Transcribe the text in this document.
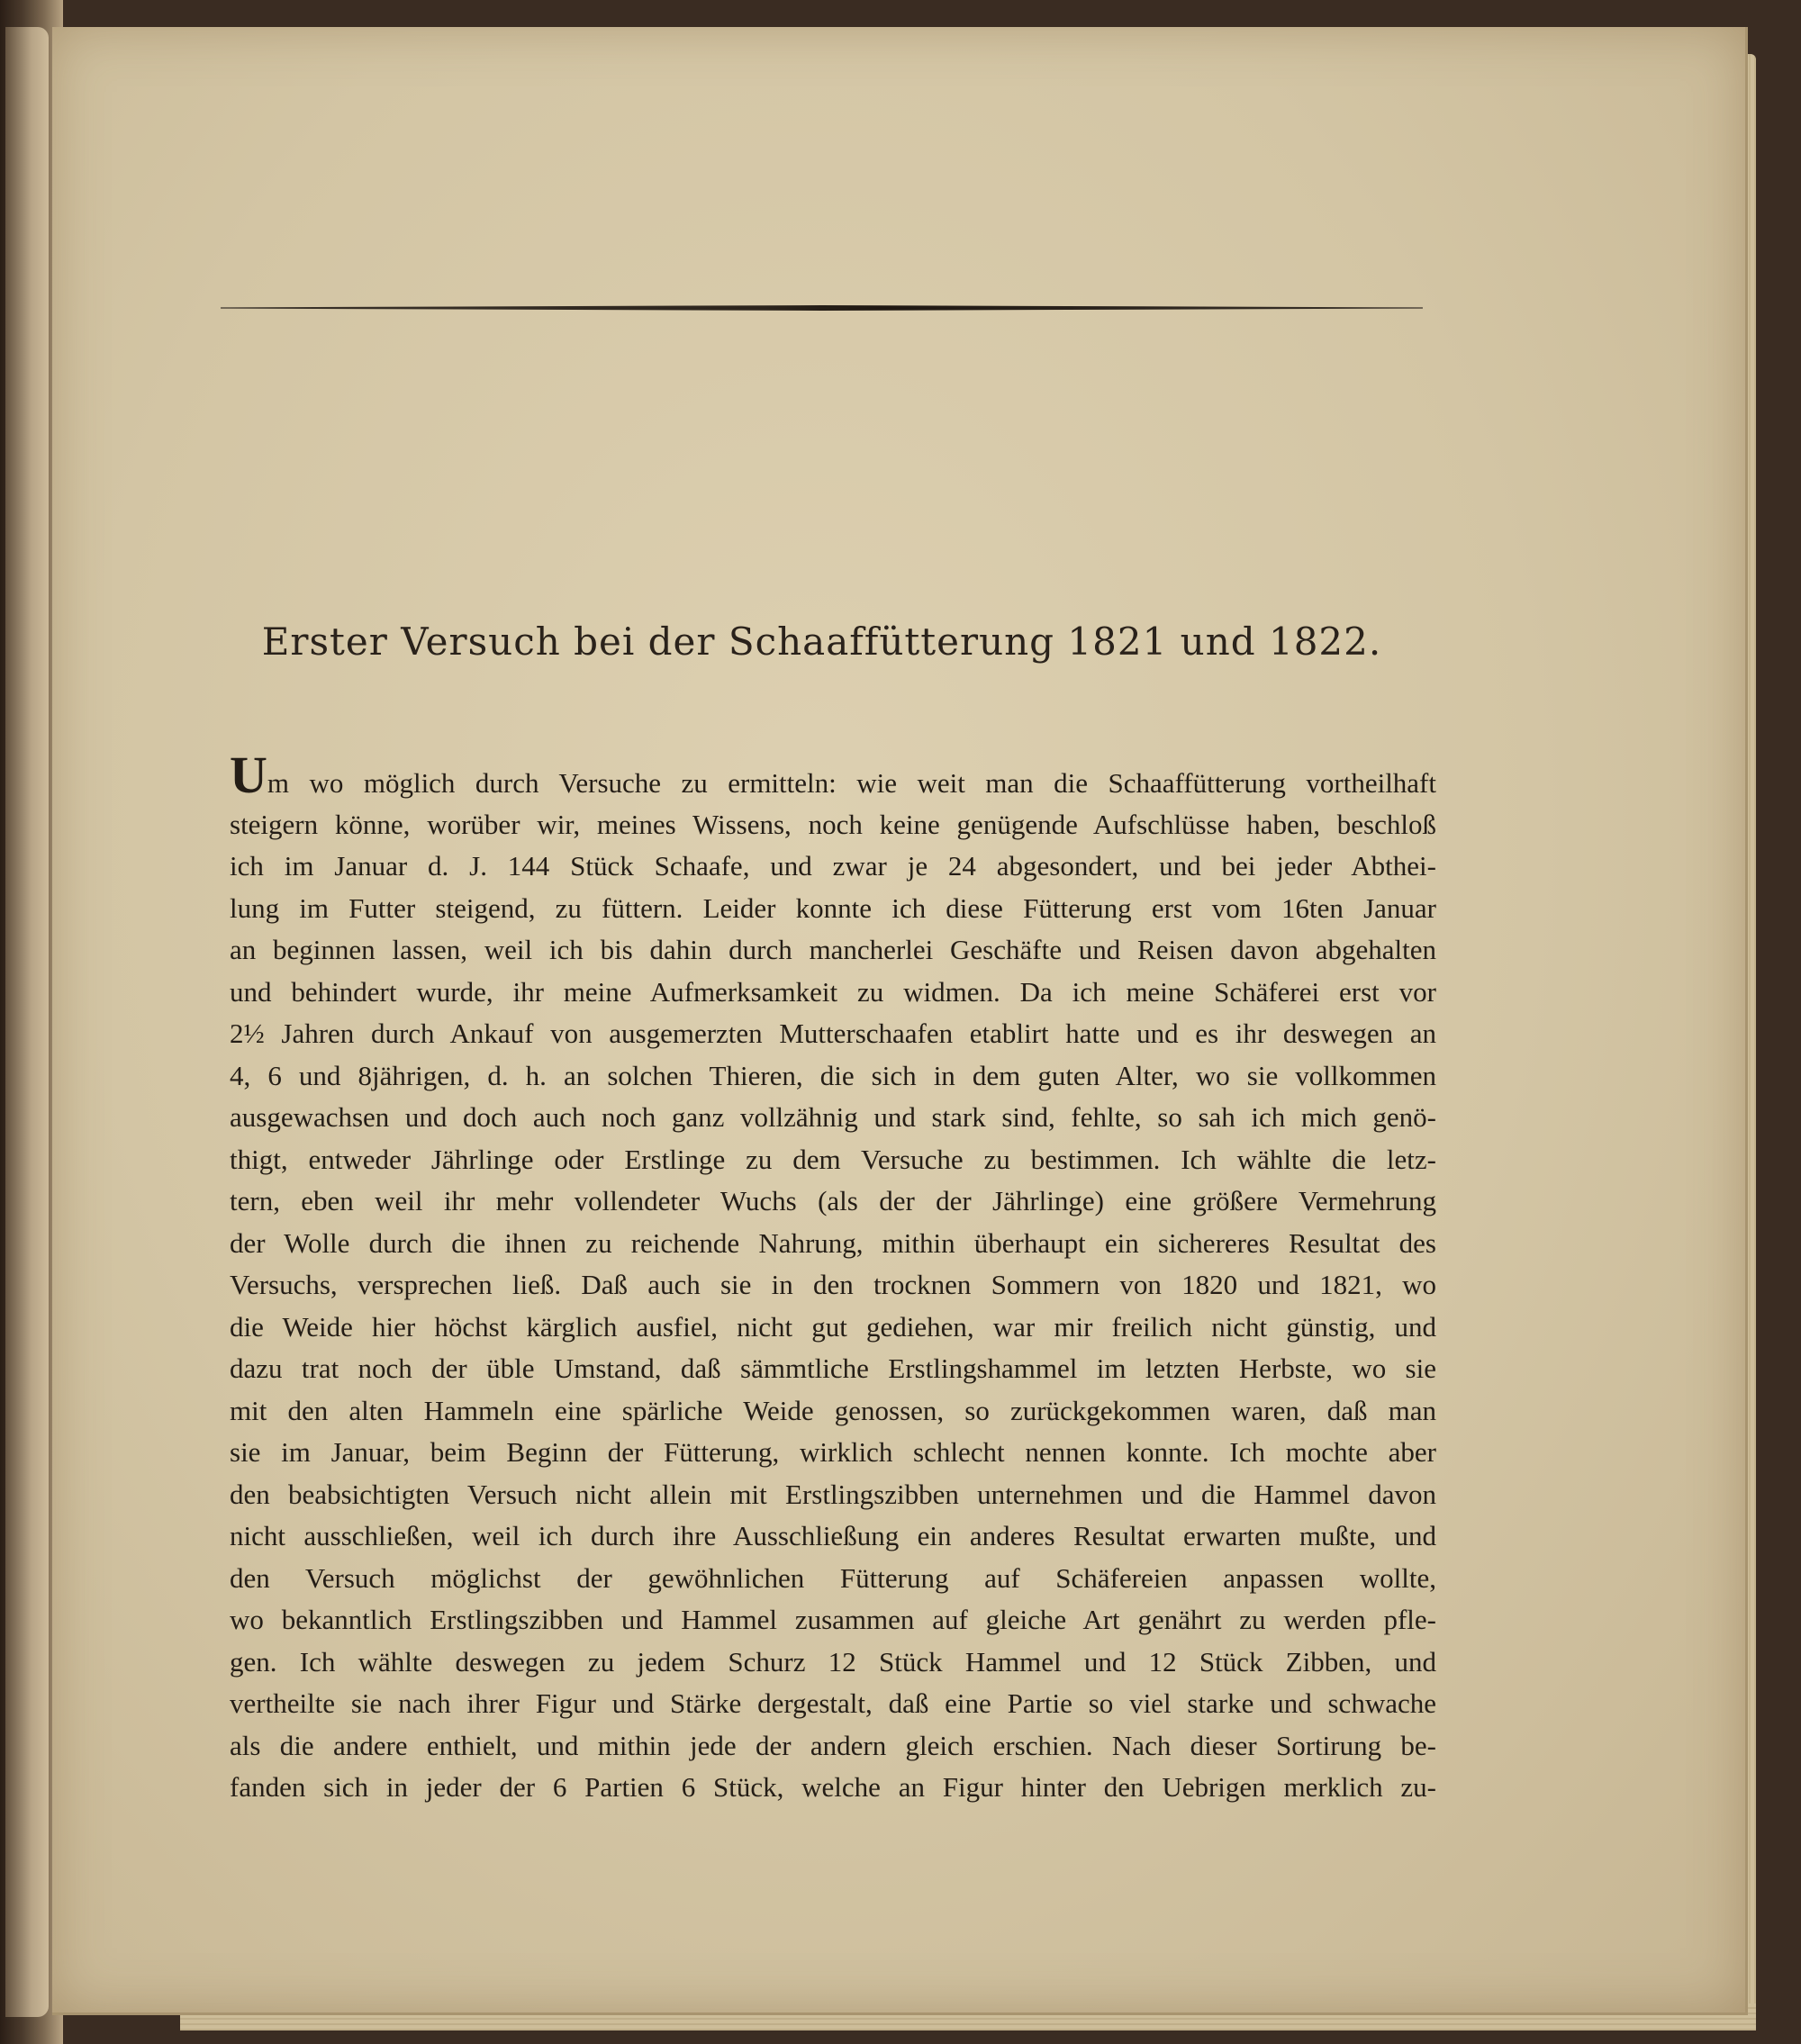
Erster Versuch bei der Schaaffütterung 1821 und 1822.
Um wo möglich durch Versuche zu ermitteln: wie weit man die Schaaffütterung vortheilhaft
steigern könne, worüber wir, meines Wissens, noch keine genügende Aufschlüsse haben, beschloß
ich im Januar d. J. 144 Stück Schaafe, und zwar je 24 abgesondert, und bei jeder Abthei-
lung im Futter steigend, zu füttern. Leider konnte ich diese Fütterung erst vom 16ten Januar
an beginnen lassen, weil ich bis dahin durch mancherlei Geschäfte und Reisen davon abgehalten
und behindert wurde, ihr meine Aufmerksamkeit zu widmen. Da ich meine Schäferei erst vor
2½ Jahren durch Ankauf von ausgemerzten Mutterschaafen etablirt hatte und es ihr deswegen an
4, 6 und 8jährigen, d. h. an solchen Thieren, die sich in dem guten Alter, wo sie vollkommen
ausgewachsen und doch auch noch ganz vollzähnig und stark sind, fehlte, so sah ich mich genö-
thigt, entweder Jährlinge oder Erstlinge zu dem Versuche zu bestimmen. Ich wählte die letz-
tern, eben weil ihr mehr vollendeter Wuchs (als der der Jährlinge) eine größere Vermehrung
der Wolle durch die ihnen zu reichende Nahrung, mithin überhaupt ein sichereres Resultat des
Versuchs, versprechen ließ. Daß auch sie in den trocknen Sommern von 1820 und 1821, wo
die Weide hier höchst kärglich ausfiel, nicht gut gediehen, war mir freilich nicht günstig, und
dazu trat noch der üble Umstand, daß sämmtliche Erstlingshammel im letzten Herbste, wo sie
mit den alten Hammeln eine spärliche Weide genossen, so zurückgekommen waren, daß man
sie im Januar, beim Beginn der Fütterung, wirklich schlecht nennen konnte. Ich mochte aber
den beabsichtigten Versuch nicht allein mit Erstlingszibben unternehmen und die Hammel davon
nicht ausschließen, weil ich durch ihre Ausschließung ein anderes Resultat erwarten mußte, und
den Versuch möglichst der gewöhnlichen Fütterung auf Schäfereien anpassen wollte,
wo bekanntlich Erstlingszibben und Hammel zusammen auf gleiche Art genährt zu werden pfle-
gen. Ich wählte deswegen zu jedem Schurz 12 Stück Hammel und 12 Stück Zibben, und
vertheilte sie nach ihrer Figur und Stärke dergestalt, daß eine Partie so viel starke und schwache
als die andere enthielt, und mithin jede der andern gleich erschien. Nach dieser Sortirung be-
fanden sich in jeder der 6 Partien 6 Stück, welche an Figur hinter den Uebrigen merklich zu-
